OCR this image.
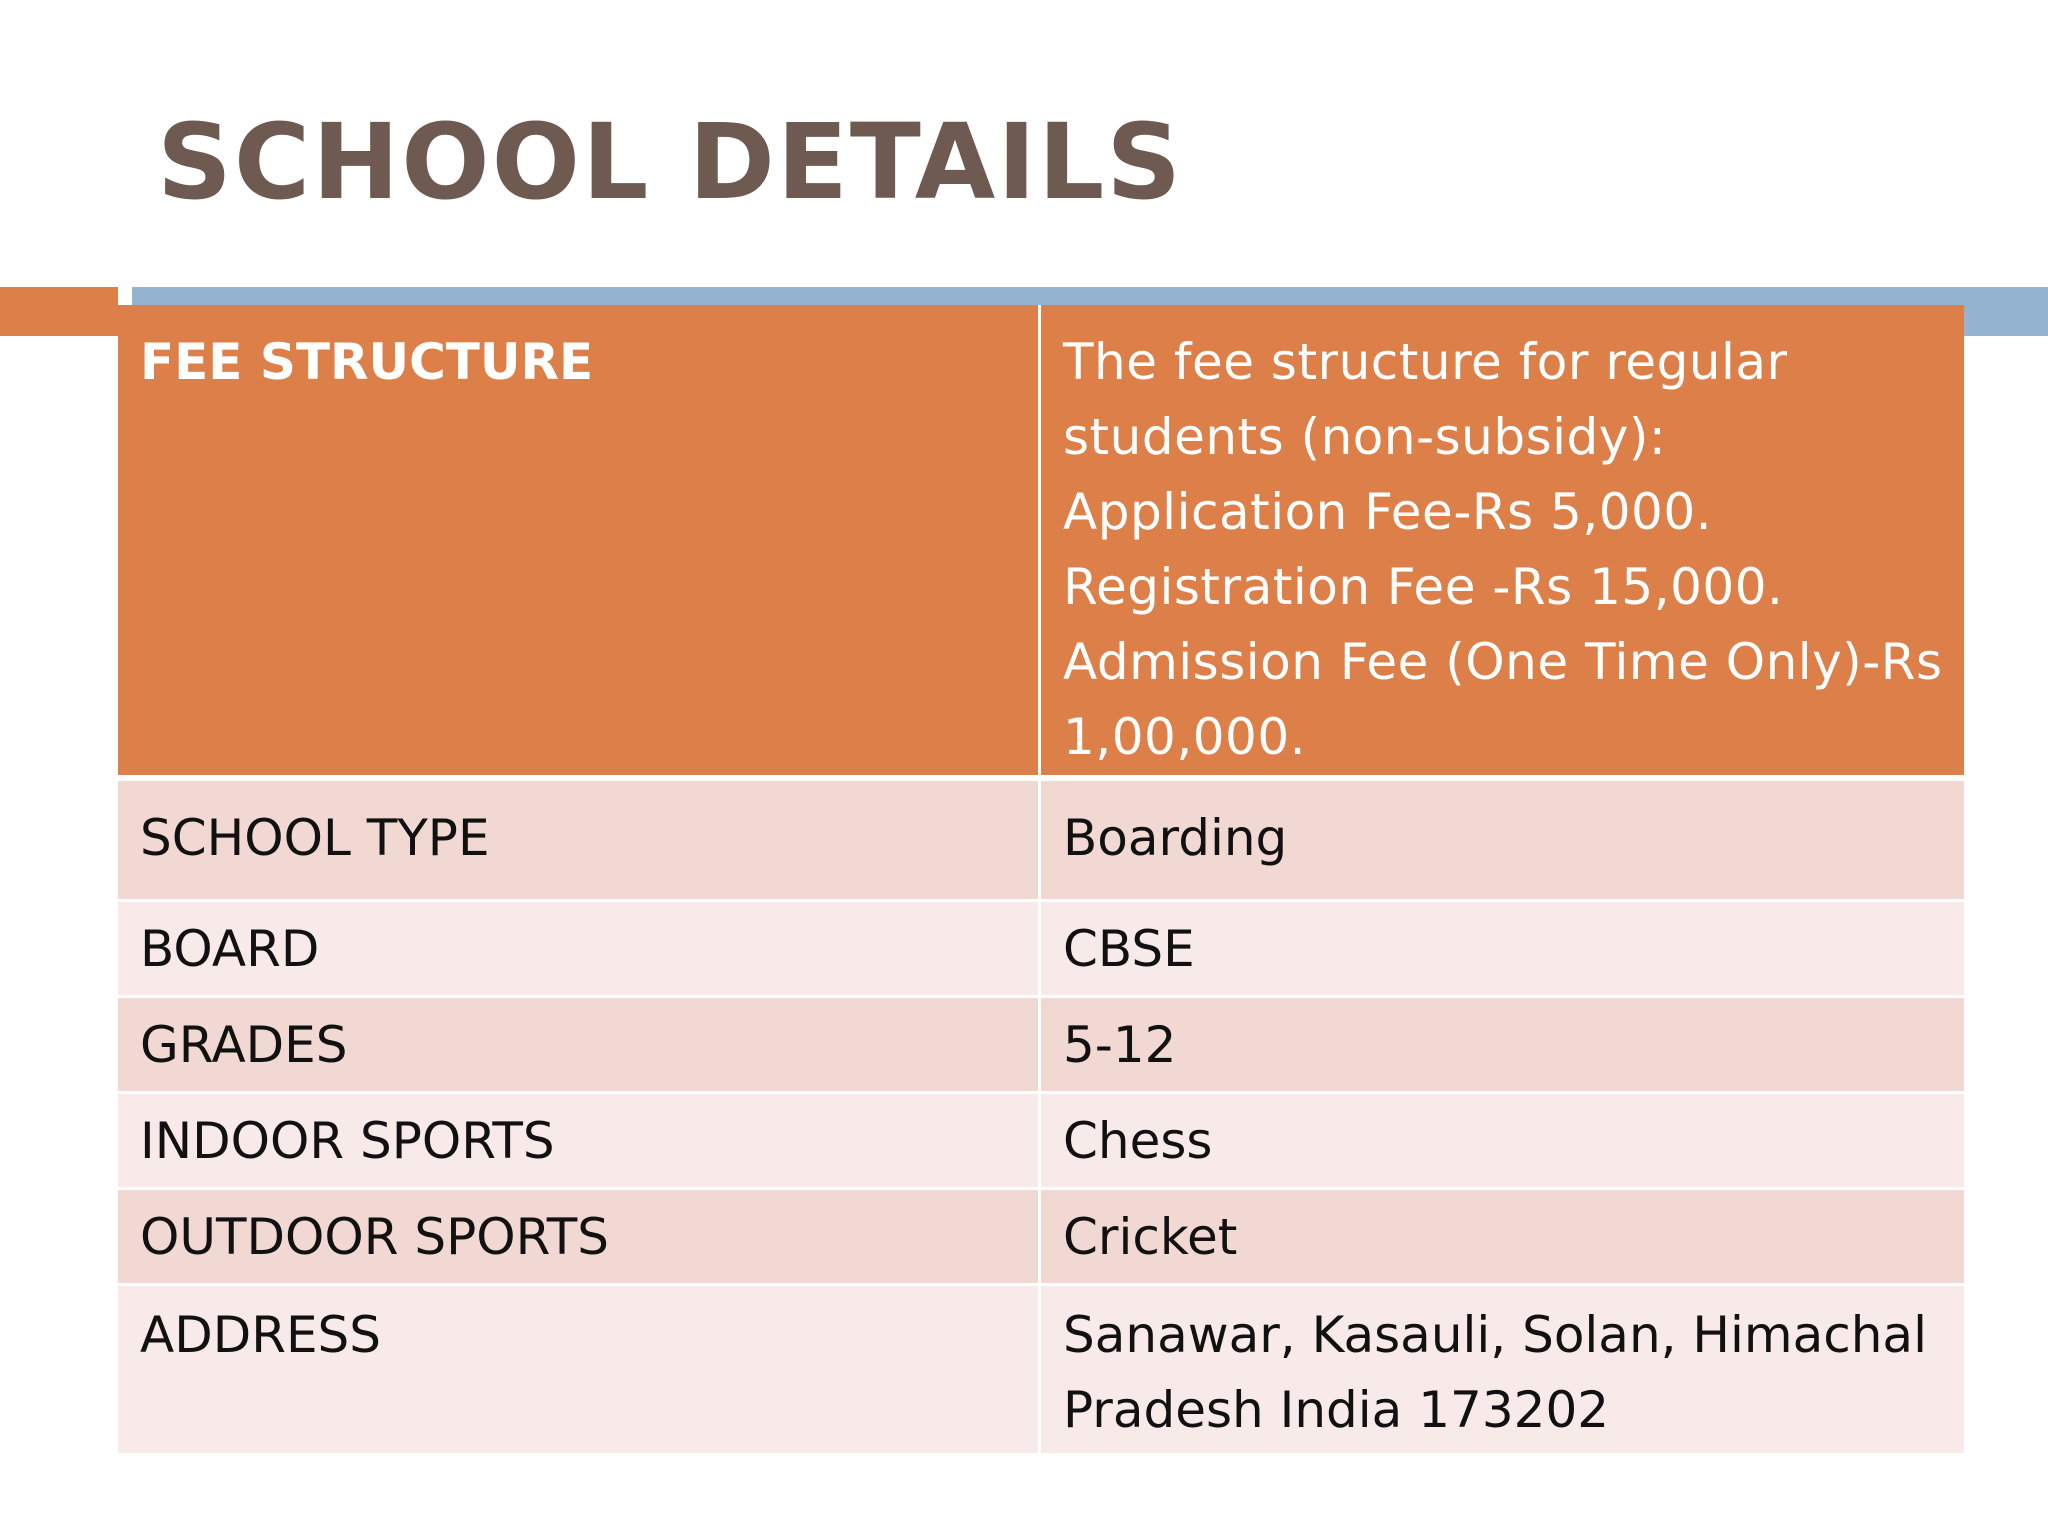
SCHOOL DETAILS
FEE STRUCTURE	The fee structure for regular students (non-subsidy): Application Fee-Rs 5,000. Registration Fee -Rs 15,000. Admission Fee (One Time Only)-Rs 1,00,000.
SCHOOL TYPE	Boarding
BOARD	CBSE
GRADES	5-12
INDOOR SPORTS	Chess
OUTDOOR SPORTS	Cricket
ADDRESS	Sanawar, Kasauli, Solan, Himachal Pradesh India 173202
